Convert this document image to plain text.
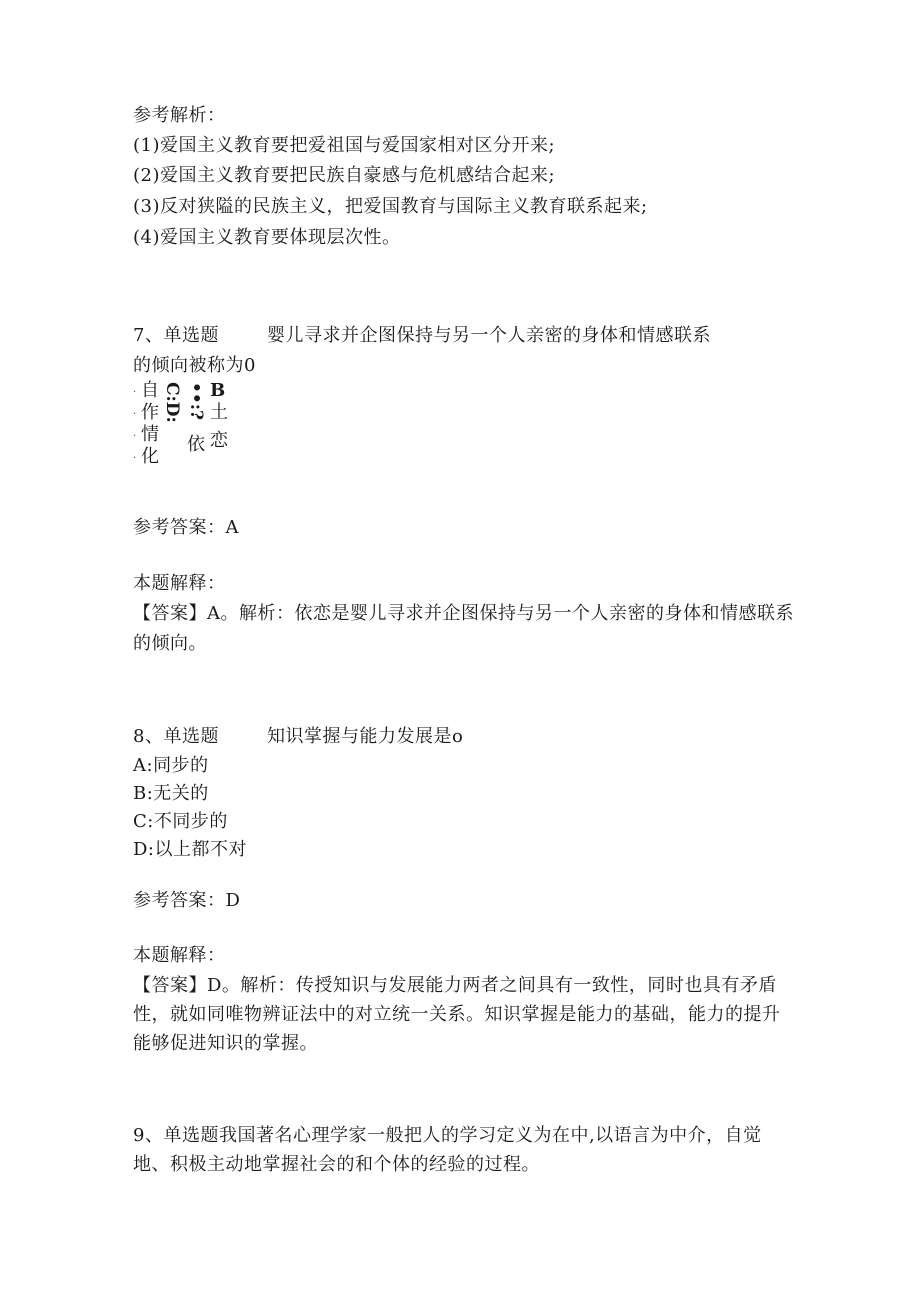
参考解析：
(1)爱国主义教育要把爱祖国与爱国家相对区分开来;
(2)爱国主义教育要把民族自豪感与危机感结合起来;
(3)反对狭隘的民族主义，把爱国教育与国际主义教育联系起来;
(4)爱国主义教育要体现层次性。
7、单选题	婴儿寻求并企图保持与另一个人亲密的身体和情感联系
的倾向被称为0
·
·
·
·
自
作
情
化
C:D: ••:?
依
B
土
恋
参考答案：A
本题解释：
【答案】A。解析：依恋是婴儿寻求并企图保持与另一个人亲密的身体和情感联系
的倾向。
8、单选题	知识掌握与能力发展是o
A:同步的
B:无关的
C:不同步的
D:以上都不对
参考答案：D
本题解释：
【答案】D。解析：传授知识与发展能力两者之间具有一致性，同时也具有矛盾
性，就如同唯物辨证法中的对立统一关系。知识掌握是能力的基础，能力的提升
能够促进知识的掌握。
9、单选题我国著名心理学家一般把人的学习定义为在中,以语言为中介，自觉
地、积极主动地掌握社会的和个体的经验的过程。
